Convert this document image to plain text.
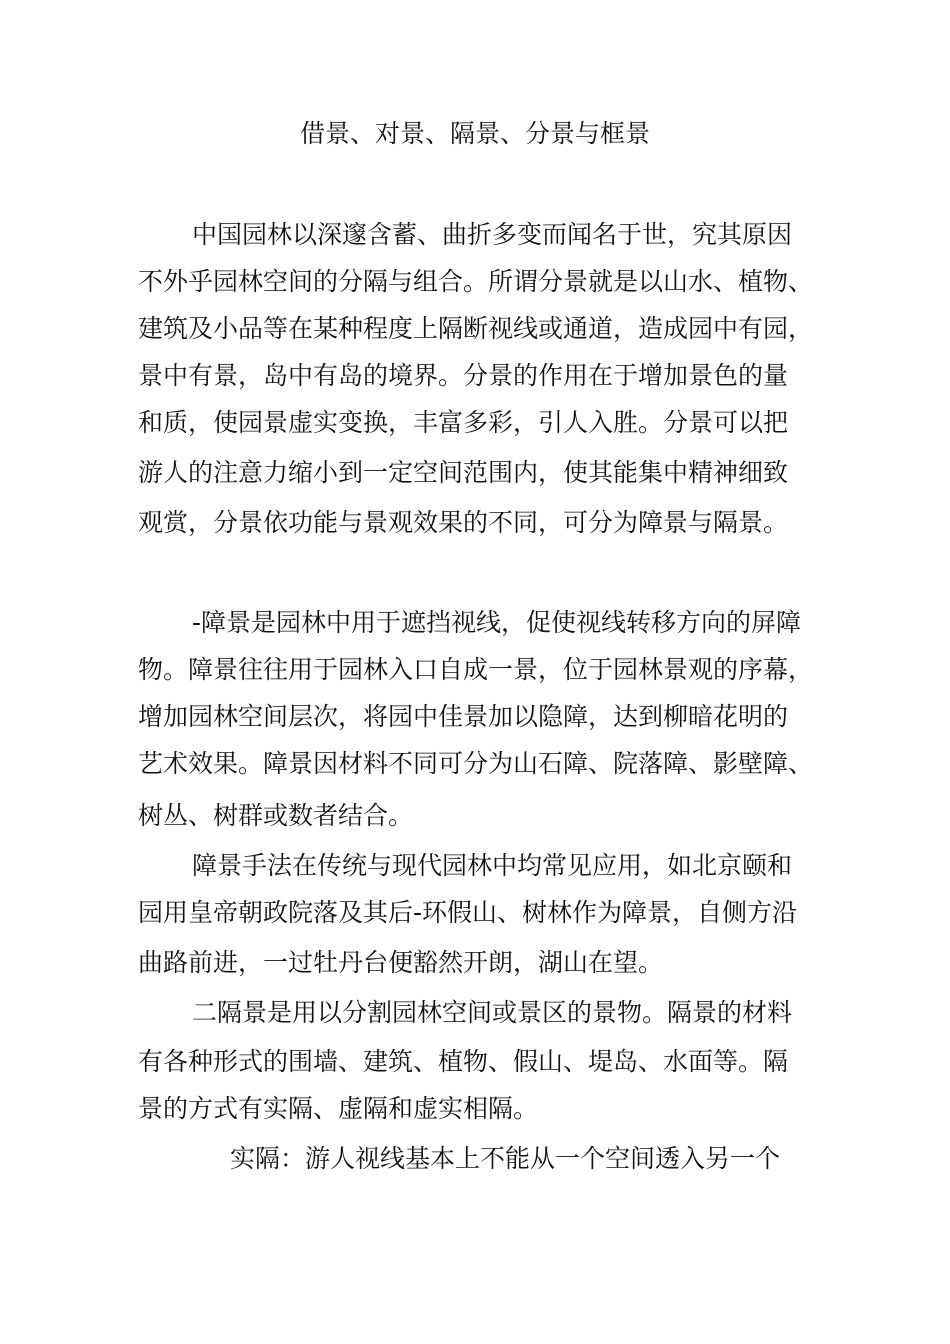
借景、对景、隔景、分景与框景
中国园林以深邃含蓄、曲折多变而闻名于世，究其原因
不外乎园林空间的分隔与组合。所谓分景就是以山水、植物、
建筑及小品等在某种程度上隔断视线或通道，造成园中有园，
景中有景，岛中有岛的境界。分景的作用在于增加景色的量
和质，使园景虚实变换，丰富多彩，引人入胜。分景可以把
游人的注意力缩小到一定空间范围内，使其能集中精神细致
观赏，分景依功能与景观效果的不同，可分为障景与隔景。
-障景是园林中用于遮挡视线，促使视线转移方向的屏障
物。障景往往用于园林入口自成一景，位于园林景观的序幕，
增加园林空间层次，将园中佳景加以隐障，达到柳暗花明的
艺术效果。障景因材料不同可分为山石障、院落障、影壁障、
树丛、树群或数者结合。
障景手法在传统与现代园林中均常见应用，如北京颐和
园用皇帝朝政院落及其后-环假山、树林作为障景，自侧方沿
曲路前进，一过牡丹台便豁然开朗，湖山在望。
二隔景是用以分割园林空间或景区的景物。隔景的材料
有各种形式的围墙、建筑、植物、假山、堤岛、水面等。隔
景的方式有实隔、虚隔和虚实相隔。
实隔：游人视线基本上不能从一个空间透入另一个
